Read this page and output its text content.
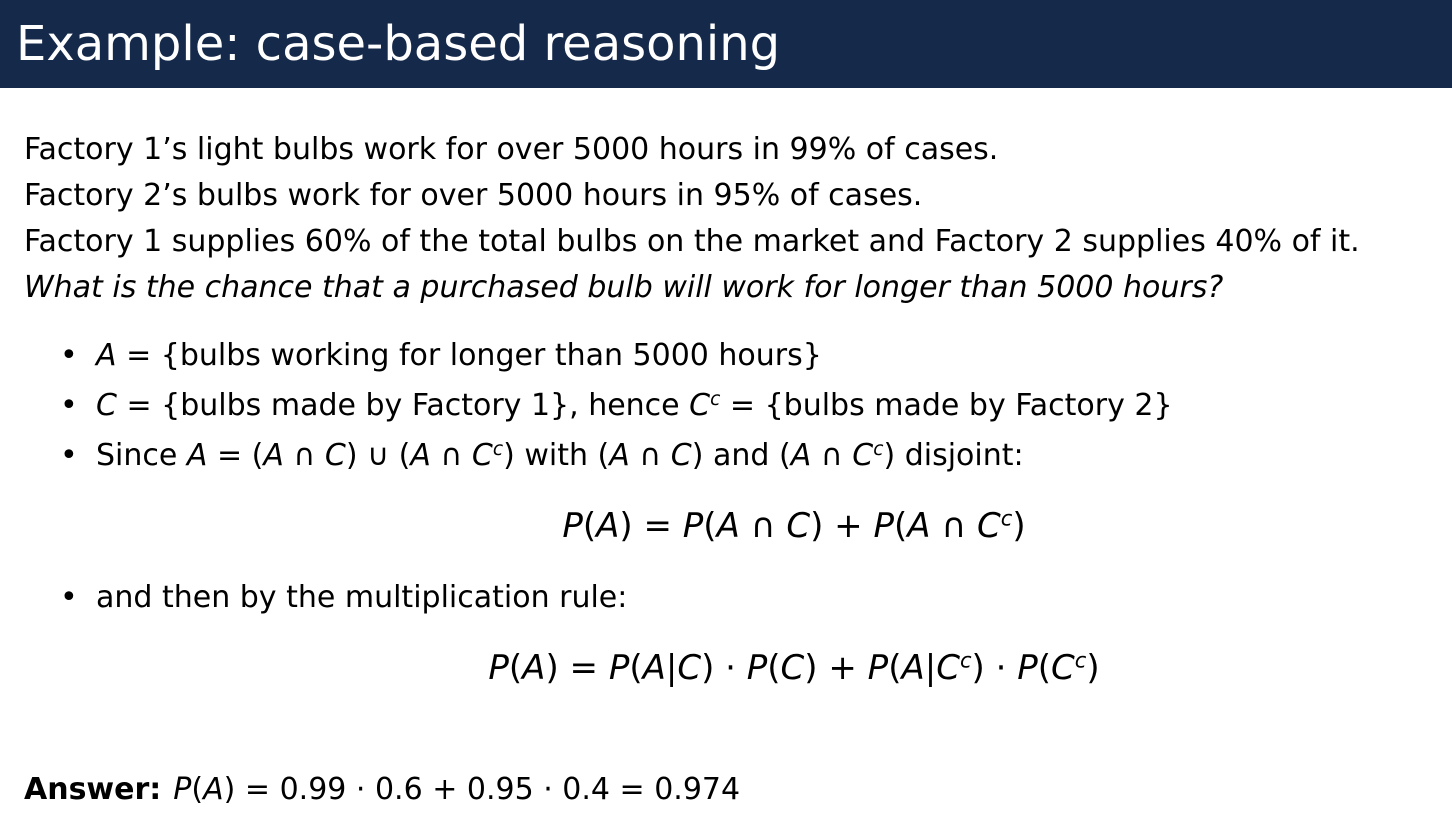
Example: case-based reasoning
Factory 1’s light bulbs work for over 5000 hours in 99% of cases.
Factory 2’s bulbs work for over 5000 hours in 95% of cases.
Factory 1 supplies 60% of the total bulbs on the market and Factory 2 supplies 40% of it.
What is the chance that a purchased bulb will work for longer than 5000 hours?
• A = {bulbs working for longer than 5000 hours}
• C = {bulbs made by Factory 1}, hence $C^c$ = {bulbs made by Factory 2}
• Since A = (A ∩ C) ∪ (A ∩ $C^c$) with (A ∩ C) and (A ∩ $C^c$) disjoint:
P(A) = P(A ∩ C) + P(A ∩ $C^c$)
• and then by the multiplication rule:
$P(A) = P(A|C) \cdot P(C) + P(A|C^c) \cdot P(C^c)$
Answer: P(A) = 0.99 · 0.6 + 0.95 · 0.4 = 0.974
